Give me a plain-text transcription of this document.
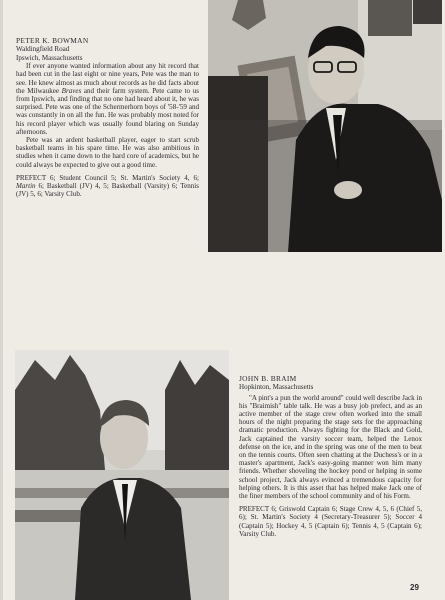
PETER K. BOWMAN

Waldingfield Road

Ipswich, Massachusetts

If ever anyone wanted information about any hit record that had been cut in the last eight or nine years, Pete was the man to see. He knew almost as much about records as he did facts about the Milwaukee Braves and their farm system. Pete came to us from Ipswich, and finding that no one had heard about it, he was surprised. Pete was one of the Schermerhorn boys of '58-'59 and was constantly in on all the fun. He was probably most noted for his record player which was usually found blaring on Sunday afternoons.

Pete was an ardent basketball player, eager to start scrub basketball teams in his spare time. He was also ambitious in studies when it came down to the hard core of academics, but he could always be expected to give out a good time.

PREFECT 6; Student Council 5; St. Martin's Society 4, 6; Martin 6; Basketball (JV) 4, 5; Basketball (Varsity) 6; Tennis (JV) 5, 6; Varsity Club.

JOHN B. BRAIM

Hopkinton, Massachusetts

"A pint's a pun the world around" could well describe Jack in his "Braimish" table talk. He was a busy job prefect, and as an active member of the stage crew often worked into the small hours of the night preparing the stage sets for the approaching dramatic production. Always fighting for the Black and Gold, Jack captained the varsity soccer team, helped the Lenox defense on the ice, and in the spring was one of the men to beat on the tennis courts. Often seen chatting at the Duchess's or in a master's apartment, Jack's easy-going manner won him many friends. Whether shoveling the hockey pond or helping in some school project, Jack always evinced a tremendous capacity for helping others. It is this asset that has helped make Jack one of the finer members of the school community and of his Form.

PREFECT 6; Griswold Captain 6; Stage Crew 4, 5, 6 (Chief 5, 6); St. Martin's Society 4 (Secretary-Treasurer 5); Soccer 4 (Captain 5); Hockey 4, 5 (Captain 6); Tennis 4, 5 (Captain 6); Varsity Club.

29
